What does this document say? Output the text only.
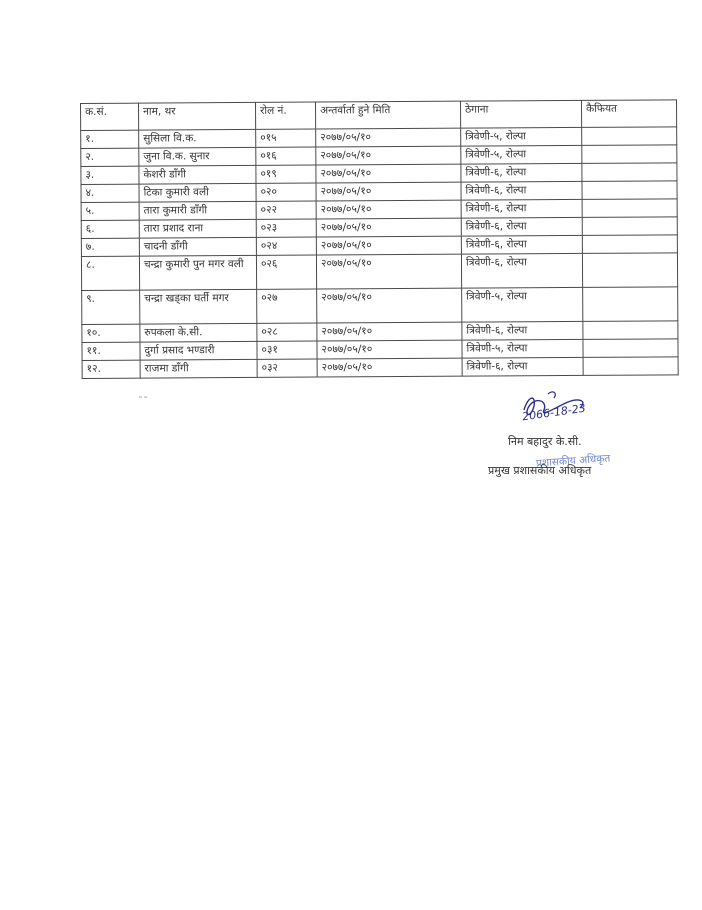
क.सं.	नाम, थर	रोल नं.	अन्तर्वार्ता हुने मिति	ठेगाना	कैफियत
१.	सुसिला वि.क.	०१५	२०७७/०५/१०	त्रिवेणी-५, रोल्पा	
२.	जुना वि.क. सुनार	०१६	२०७७/०५/१०	त्रिवेणी-५, रोल्पा	
३.	केशरी डाँगी	०१९	२०७७/०५/१०	त्रिवेणी-६, रोल्पा	
४.	टिका कुमारी वली	०२०	२०७७/०५/१०	त्रिवेणी-६, रोल्पा	
५.	तारा कुमारी डाँगी	०२२	२०७७/०५/१०	त्रिवेणी-६, रोल्पा	
६.	तारा प्रशाद राना	०२३	२०७७/०५/१०	त्रिवेणी-६, रोल्पा	
७.	चादनी डाँगी	०२४	२०७७/०५/१०	त्रिवेणी-६, रोल्पा	
८.	चन्द्रा कुमारी पुन मगर वली	०२६	२०७७/०५/१०	त्रिवेणी-६, रोल्पा	
९.	चन्द्रा खड्का घर्ती मगर	०२७	२०७७/०५/१०	त्रिवेणी-५, रोल्पा	
१०.	रुपकला के.सी.	०२८	२०७७/०५/१०	त्रिवेणी-६, रोल्पा	
११.	दुर्गा प्रसाद भण्डारी	०३१	२०७७/०५/१०	त्रिवेणी-५, रोल्पा	
१२.	राजमा डाँगी	०३२	२०७७/०५/१०	त्रिवेणी-६, रोल्पा	
˜˜
2066-18-23
निम बहादुर के.सी.
प्रमुख प्रशासकीय अधिकृत
प्रशासकीय अधिकृत
